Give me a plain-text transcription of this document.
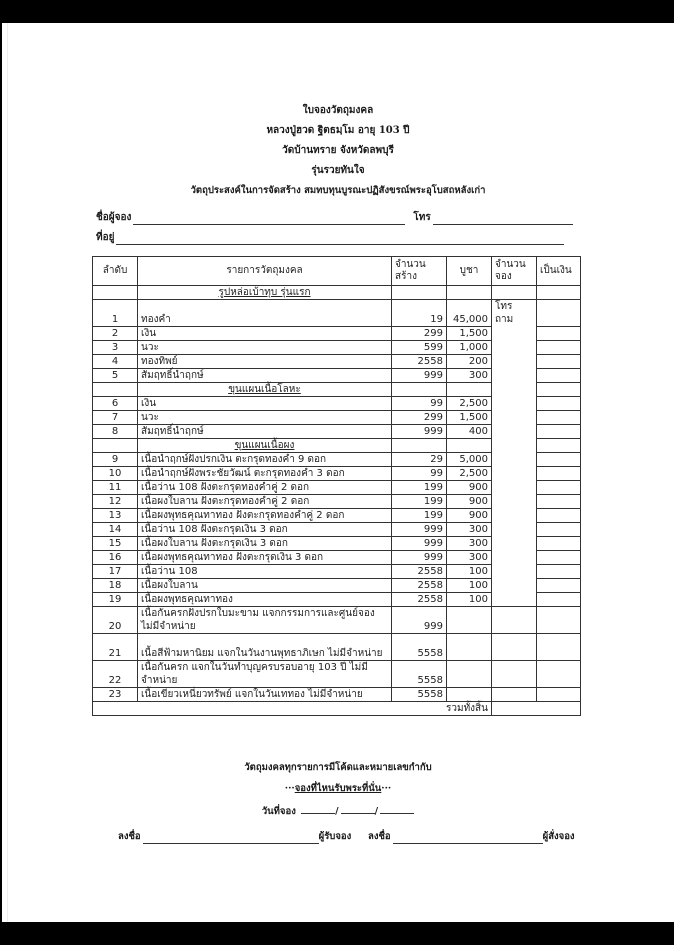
ใบจองวัตถุมงคล
หลวงปู่ฮวด ฐิตธมฺโม อายุ 103 ปี
วัดบ้านทราย จังหวัดลพบุรี
รุ่นรวยทันใจ
วัตถุประสงค์ในการจัดสร้าง สมทบทุนบูรณะปฏิสังขรณ์พระอุโบสถหลังเก่า
ชื่อผู้จอง	โทร
ที่อยู่
ลำดับ	รายการวัตถุมงคล	จำนวนสร้าง	บูชา	จำนวนจอง	เป็นเงิน
	รูปหล่อเบ้าทุบ รุ่นแรก				
1	ทองคำ	19	45,000	โทรถาม	

2	เงิน	299	1,500		
3	นวะ	599	1,000		
4	ทองทิพย์	2558	200		
5	สัมฤทธิ์นำฤกษ์	999	300		
	ขุนแผนเนื้อโลหะ				
6	เงิน	99	2,500		
7	นวะ	299	1,500		
8	สัมฤทธิ์นำฤกษ์	999	400		
	ขุนแผนเนื้อผง				
9	เนื้อนำฤกษ์ฝังปรกเงิน ตะกรุดทองคำ 9 ดอก	29	5,000		
10	เนื้อนำฤกษ์ฝังพระชัยวัฒน์ ตะกรุดทองคำ 3 ดอก	99	2,500		
11	เนื้อว่าน 108 ฝังตะกรุดทองคำคู่ 2 ดอก	199	900		
12	เนื้อผงใบลาน ฝังตะกรุดทองคำคู่ 2 ดอก	199	900		
13	เนื้อผงพุทธคุณทาทอง ฝังตะกรุดทองคำคู่ 2 ดอก	199	900		
14	เนื้อว่าน 108 ฝังตะกรุดเงิน 3 ดอก	999	300		
15	เนื้อผงใบลาน ฝังตะกรุดเงิน 3 ดอก	999	300		
16	เนื้อผงพุทธคุณทาทอง ฝังตะกรุดเงิน 3 ดอก	999	300		
17	เนื้อว่าน 108	2558	100		
18	เนื้อผงใบลาน	2558	100		
19	เนื้อผงพุทธคุณทาทอง	2558	100		
20	เนื้อกันครกฝังปรกใบมะขาม แจกกรรมการและศูนย์จอง ไม่มีจำหน่าย	999			
21	เนื้อสีฟ้ามหานิยม แจกในวันงานพุทธาภิเษก ไม่มีจำหน่าย	5558			
22	เนื้อกันครก แจกในวันทำบุญครบรอบอายุ 103 ปี ไม่มีจำหน่าย	5558			
23	เนื้อเขียวเหนี่ยวทรัพย์ แจกในวันเททอง ไม่มีจำหน่าย	5558			
รวมทั้งสิ้น					
วัตถุมงคลทุกรายการมีโค้ดและหมายเลขกำกับ
···จองที่ไหนรับพระที่นั่น···
วันที่จอง	/	/
ลงชื่อ	ผู้รับจอง ลงชื่อ	ผู้สั่งจอง
